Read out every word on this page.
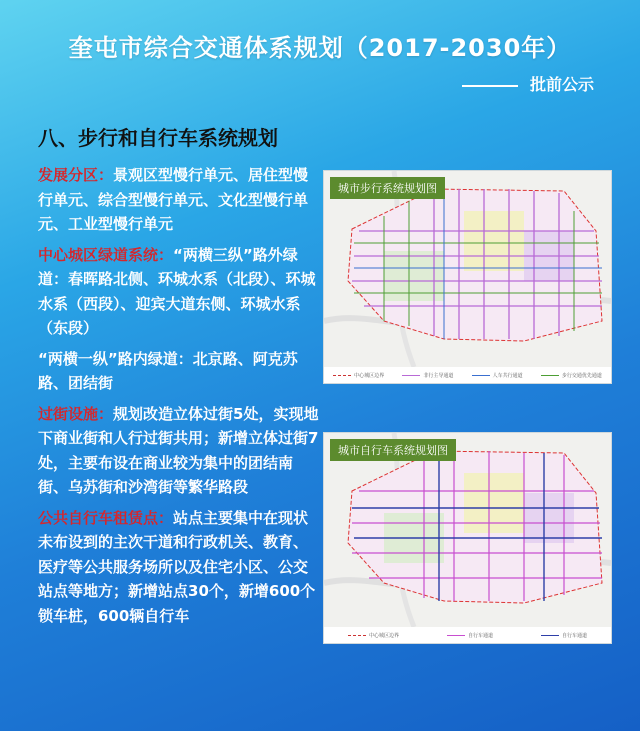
奎屯市综合交通体系规划（2017-2030年）
批前公示
八、步行和自行车系统规划

发展分区：景观区型慢行单元、居住型慢行单元、综合型慢行单元、文化型慢行单元、工业型慢行单元

中心城区绿道系统：“两横三纵”路外绿道：春晖路北侧、环城水系（北段）、环城水系（西段）、迎宾大道东侧、环城水系（东段）

“两横一纵”路内绿道：北京路、阿克苏路、团结街

过街设施：规划改造立体过街5处，实现地下商业街和人行过街共用；新增立体过街7处，主要布设在商业较为集中的团结南街、乌苏街和沙湾街等繁华路段

公共自行车租赁点：站点主要集中在现状未布设到的主次干道和行政机关、教育、医疗等公共服务场所以及住宅小区、公交站点等地方；新增站点30个，新增600个锁车桩，600辆自行车

城市步行系统规划图
中心城区边界	非行主导通道	人车共行通道	步行交通优先通道
城市自行车系统规划图
中心城区边界	自行车通道	自行车通道
